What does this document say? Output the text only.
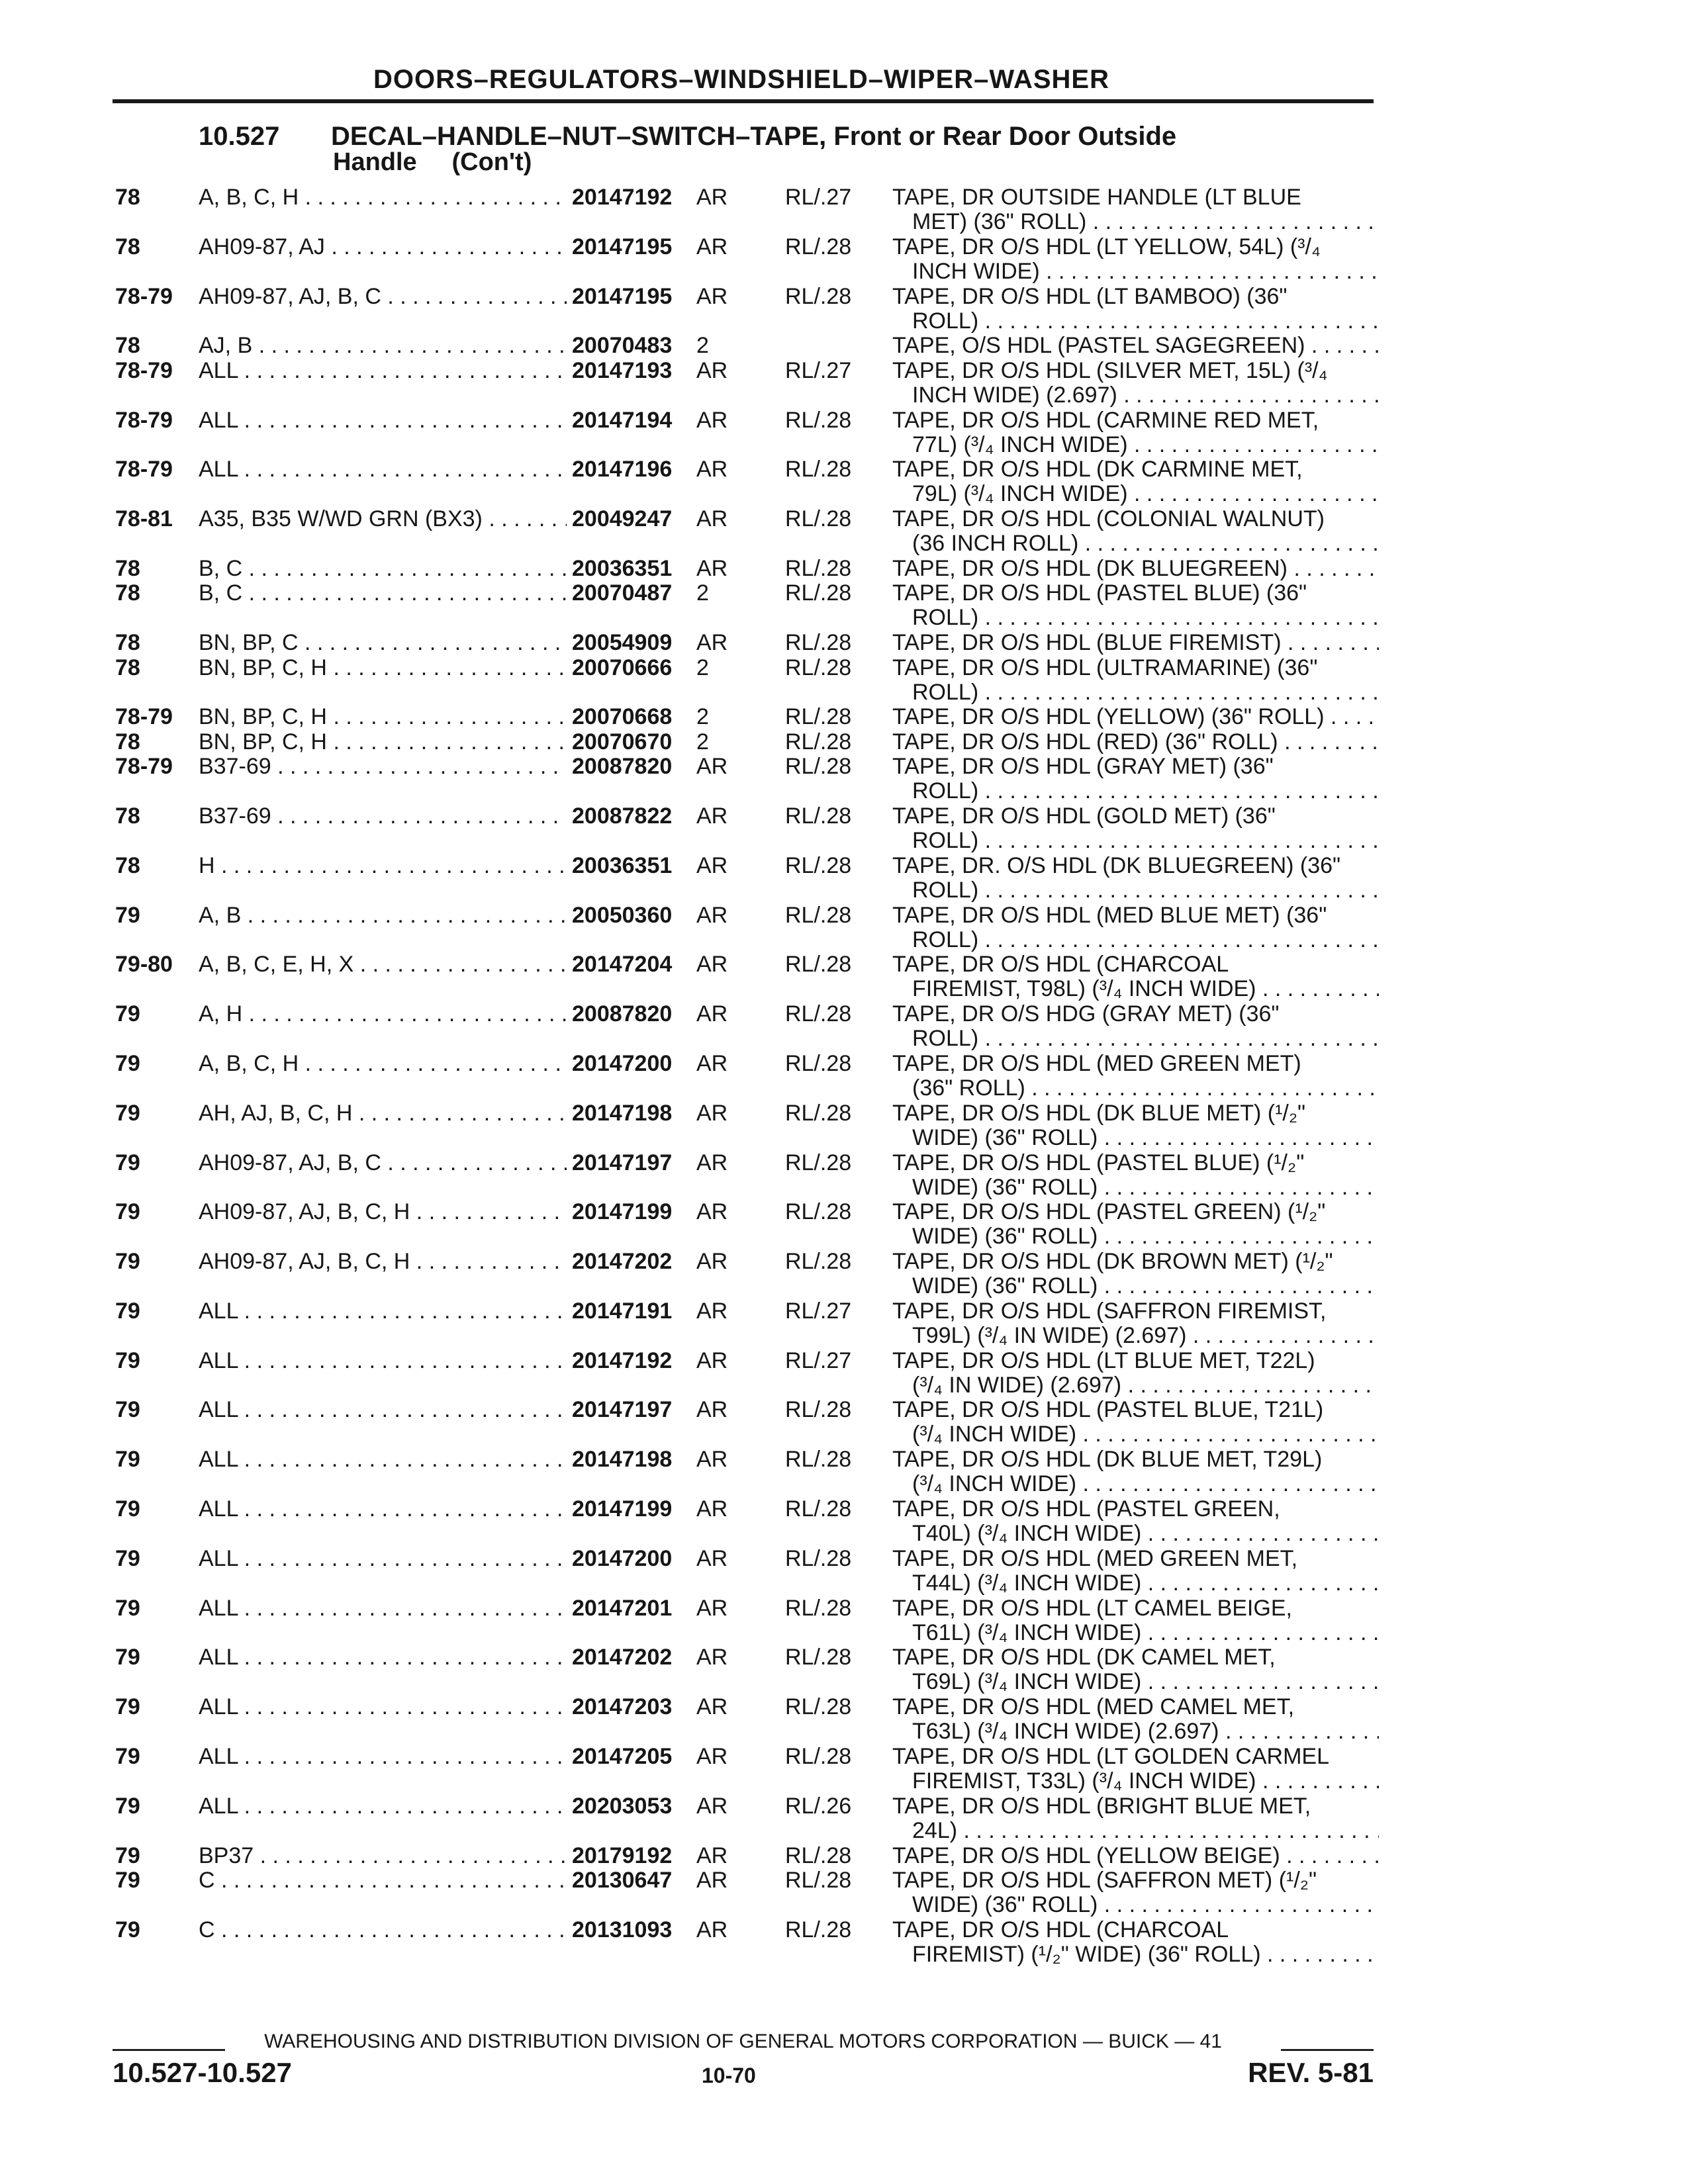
DOORS–REGULATORS–WINDSHIELD–WIPER–WASHER
10.527 DECAL–HANDLE–NUT–SWITCH–TAPE, Front or Rear Door Outside
Handle     (Con't)
78	A, B, C, H . . .	20147192 AR	RL/.27 TAPE, DR OUTSIDE HANDLE (LT BLUE
MET) (36" ROLL) . . .
78	AH09-87, AJ . . .	20147195 AR	RL/.28 TAPE, DR O/S HDL (LT YELLOW, 54L) (³/₄
INCH WIDE) . . .
78-79 AH09-87, AJ, B, C . . .	20147195 AR	RL/.28 TAPE, DR O/S HDL (LT BAMBOO) (36"
ROLL) . . .
78	AJ, B . . .	20070483 2	TAPE, O/S HDL (PASTEL SAGEGREEN) . . .
78-79 ALL . . .	20147193 AR	RL/.27 TAPE, DR O/S HDL (SILVER MET, 15L) (³/₄
INCH WIDE) (2.697) . . .
78-79 ALL . . .	20147194 AR	RL/.28 TAPE, DR O/S HDL (CARMINE RED MET,
77L) (³/₄ INCH WIDE) . . .
78-79 ALL . . .	20147196 AR	RL/.28 TAPE, DR O/S HDL (DK CARMINE MET,
79L) (³/₄ INCH WIDE) . . .
78-81 A35, B35 W/WD GRN (BX3) . . .	20049247 AR	RL/.28 TAPE, DR O/S HDL (COLONIAL WALNUT)
(36 INCH ROLL) . . .
78	B, C . . .	20036351 AR	RL/.28 TAPE, DR O/S HDL (DK BLUEGREEN) . . .
78	B, C . . .	20070487 2	RL/.28 TAPE, DR O/S HDL (PASTEL BLUE) (36"
ROLL) . . .
78	BN, BP, C . . .	20054909 AR	RL/.28 TAPE, DR O/S HDL (BLUE FIREMIST) . . .
78	BN, BP, C, H . . .	20070666 2	RL/.28 TAPE, DR O/S HDL (ULTRAMARINE) (36"
ROLL) . . .
78-79 BN, BP, C, H . . .	20070668 2	RL/.28 TAPE, DR O/S HDL (YELLOW) (36" ROLL) . . .
78	BN, BP, C, H . . .	20070670 2	RL/.28 TAPE, DR O/S HDL (RED) (36" ROLL) . . .
78-79 B37-69 . . .	20087820 AR	RL/.28 TAPE, DR O/S HDL (GRAY MET) (36"
ROLL) . . .
78	B37-69 . . .	20087822 AR	RL/.28 TAPE, DR O/S HDL (GOLD MET) (36"
ROLL) . . .
78	H . . .	20036351 AR	RL/.28 TAPE, DR. O/S HDL (DK BLUEGREEN) (36"
ROLL) . . .
79	A, B . . .	20050360 AR	RL/.28 TAPE, DR O/S HDL (MED BLUE MET) (36"
ROLL) . . .
79-80 A, B, C, E, H, X . . .	20147204 AR	RL/.28 TAPE, DR O/S HDL (CHARCOAL
FIREMIST, T98L) (³/₄ INCH WIDE) . . .
79	A, H . . .	20087820 AR	RL/.28 TAPE, DR O/S HDG (GRAY MET) (36"
ROLL) . . .
79	A, B, C, H . . .	20147200 AR	RL/.28 TAPE, DR O/S HDL (MED GREEN MET)
(36" ROLL) . . .
79	AH, AJ, B, C, H . . .	20147198 AR	RL/.28 TAPE, DR O/S HDL (DK BLUE MET) (¹/₂"
WIDE) (36" ROLL) . . .
79	AH09-87, AJ, B, C . . .	20147197 AR	RL/.28 TAPE, DR O/S HDL (PASTEL BLUE) (¹/₂"
WIDE) (36" ROLL) . . .
79	AH09-87, AJ, B, C, H . . .	20147199 AR	RL/.28 TAPE, DR O/S HDL (PASTEL GREEN) (¹/₂"
WIDE) (36" ROLL) . . .
79	AH09-87, AJ, B, C, H . . .	20147202 AR	RL/.28 TAPE, DR O/S HDL (DK BROWN MET) (¹/₂"
WIDE) (36" ROLL) . . .
79	ALL . . .	20147191 AR	RL/.27 TAPE, DR O/S HDL (SAFFRON FIREMIST,
T99L) (³/₄ IN WIDE) (2.697) . . .
79	ALL . . .	20147192 AR	RL/.27 TAPE, DR O/S HDL (LT BLUE MET, T22L)
(³/₄ IN WIDE) (2.697) . . .
79	ALL . . .	20147197 AR	RL/.28 TAPE, DR O/S HDL (PASTEL BLUE, T21L)
(³/₄ INCH WIDE) . . .
79	ALL . . .	20147198 AR	RL/.28 TAPE, DR O/S HDL (DK BLUE MET, T29L)
(³/₄ INCH WIDE) . . .
79	ALL . . .	20147199 AR	RL/.28 TAPE, DR O/S HDL (PASTEL GREEN,
T40L) (³/₄ INCH WIDE) . . .
79	ALL . . .	20147200 AR	RL/.28 TAPE, DR O/S HDL (MED GREEN MET,
T44L) (³/₄ INCH WIDE) . . .
79	ALL . . .	20147201 AR	RL/.28 TAPE, DR O/S HDL (LT CAMEL BEIGE,
T61L) (³/₄ INCH WIDE) . . .
79	ALL . . .	20147202 AR	RL/.28 TAPE, DR O/S HDL (DK CAMEL MET,
T69L) (³/₄ INCH WIDE) . . .
79	ALL . . .	20147203 AR	RL/.28 TAPE, DR O/S HDL (MED CAMEL MET,
T63L) (³/₄ INCH WIDE) (2.697) . . .
79	ALL . . .	20147205 AR	RL/.28 TAPE, DR O/S HDL (LT GOLDEN CARMEL
FIREMIST, T33L) (³/₄ INCH WIDE) . . .
79	ALL . . .	20203053 AR	RL/.26 TAPE, DR O/S HDL (BRIGHT BLUE MET,
24L) . . .
79	BP37 . . .	20179192 AR	RL/.28 TAPE, DR O/S HDL (YELLOW BEIGE) . . .
79	C . . .	20130647 AR	RL/.28 TAPE, DR O/S HDL (SAFFRON MET) (¹/₂"
WIDE) (36" ROLL) . . .
79	C . . .	20131093 AR	RL/.28 TAPE, DR O/S HDL (CHARCOAL
FIREMIST) (¹/₂" WIDE) (36" ROLL) . . .
WAREHOUSING AND DISTRIBUTION DIVISION OF GENERAL MOTORS CORPORATION — BUICK — 41
10.527-10.527	10-70	REV. 5-81
